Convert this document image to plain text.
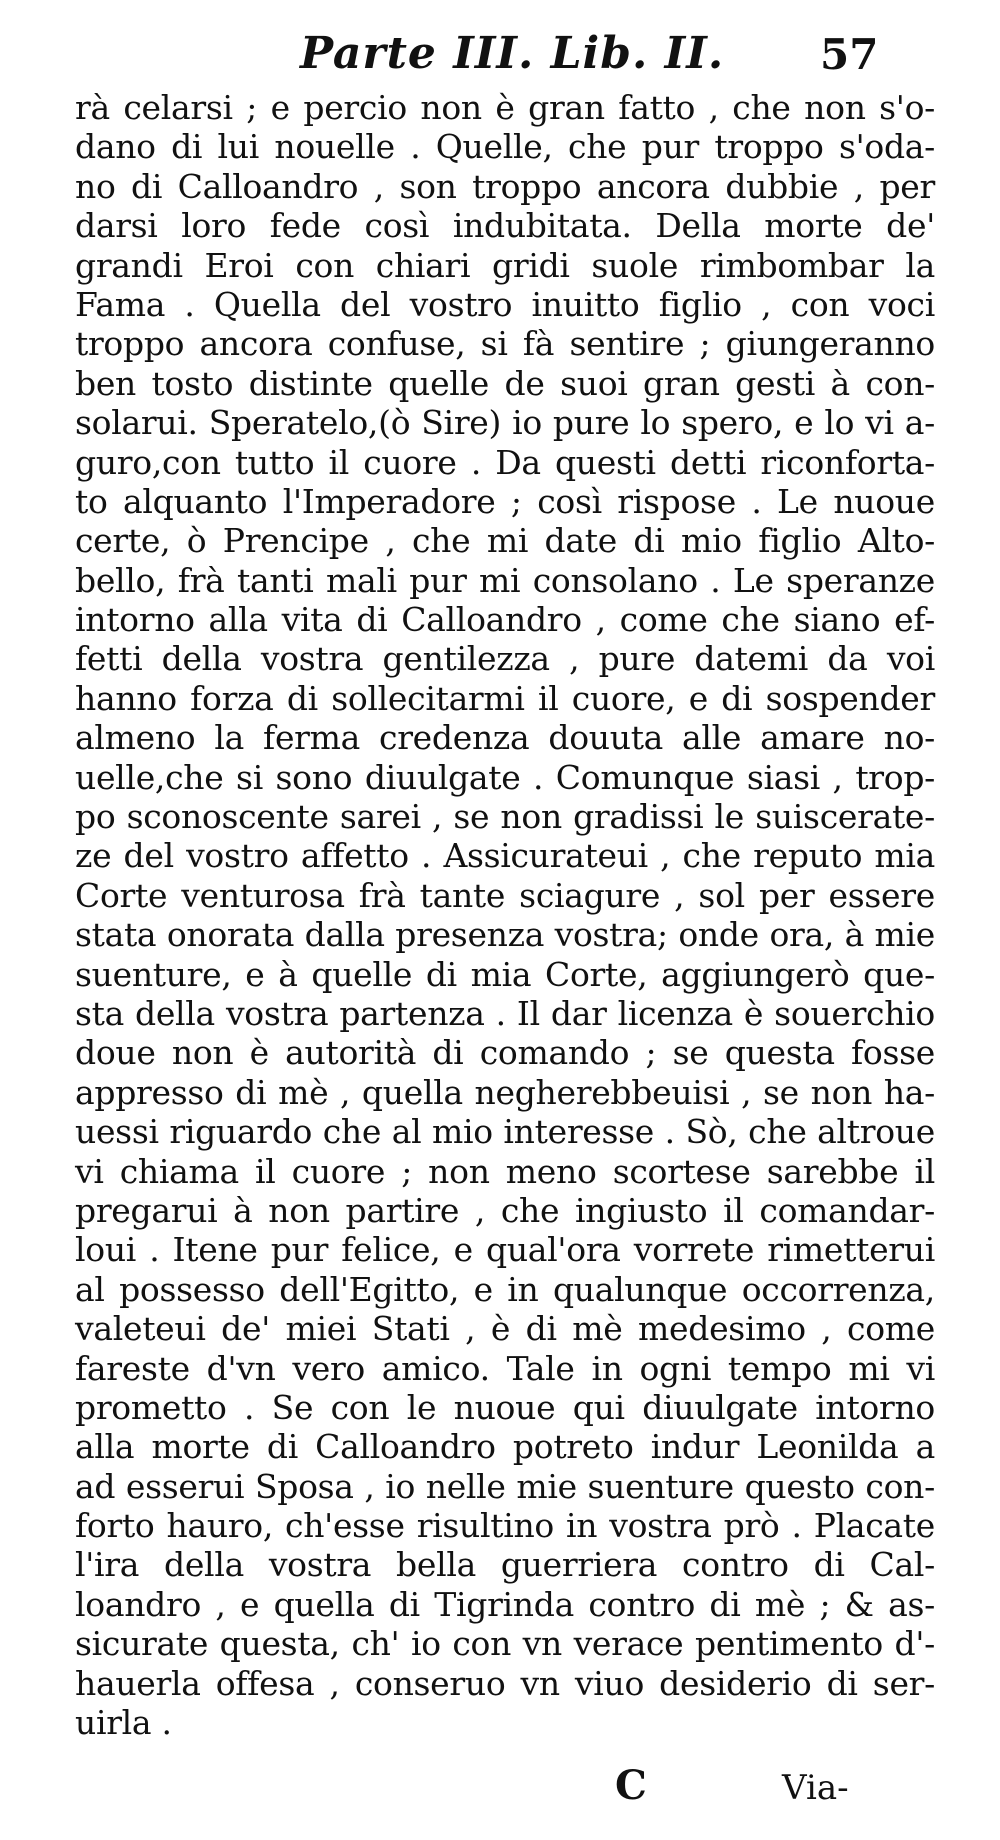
Parte III. Lib. II. 57
rà celarsi ; e percio non è gran fatto , che non s'o-
dano di lui nouelle . Quelle, che pur troppo s'oda-
no di Calloandro , son troppo ancora dubbie , per
darsi loro fede così indubitata. Della morte de'
grandi Eroi con chiari gridi suole rimbombar la
Fama . Quella del vostro inuitto figlio , con voci
troppo ancora confuse, si fà sentire ; giungeranno
ben tosto distinte quelle de suoi gran gesti à con-
solarui. Speratelo,(ò Sire) io pure lo spero, e lo vi a-
guro,con tutto il cuore . Da questi detti riconforta-
to alquanto l'Imperadore ; così rispose . Le nuoue
certe, ò Prencipe , che mi date di mio figlio Alto-
bello, frà tanti mali pur mi consolano . Le speranze
intorno alla vita di Calloandro , come che siano ef-
fetti della vostra gentilezza , pure datemi da voi
hanno forza di sollecitarmi il cuore, e di sospender
almeno la ferma credenza douuta alle amare no-
uelle,che si sono diuulgate . Comunque siasi , trop-
po sconoscente sarei , se non gradissi le suiscerate-
ze del vostro affetto . Assicurateui , che reputo mia
Corte venturosa frà tante sciagure , sol per essere
stata onorata dalla presenza vostra; onde ora, à mie
suenture, e à quelle di mia Corte, aggiungerò que-
sta della vostra partenza . Il dar licenza è souerchio
doue non è autorità di comando ; se questa fosse
appresso di mè , quella negherebbeuisi , se non ha-
uessi riguardo che al mio interesse . Sò, che altroue
vi chiama il cuore ; non meno scortese sarebbe il
pregarui à non partire , che ingiusto il comandar-
loui . Itene pur felice, e qual'ora vorrete rimetterui
al possesso dell'Egitto, e in qualunque occorrenza,
valeteui de' miei Stati , è di mè medesimo , come
fareste d'vn vero amico. Tale in ogni tempo mi vi
prometto . Se con le nuoue qui diuulgate intorno
alla morte di Calloandro potreto indur Leonilda a
ad esserui Sposa , io nelle mie suenture questo con-
forto hauro, ch'esse risultino in vostra prò . Placate
l'ira della vostra bella guerriera contro di Cal-
loandro , e quella di Tigrinda contro di mè ; & as-
sicurate questa, ch' io con vn verace pentimento d'-
hauerla offesa , conseruo vn viuo desiderio di ser-
uirla .
C	Via-
